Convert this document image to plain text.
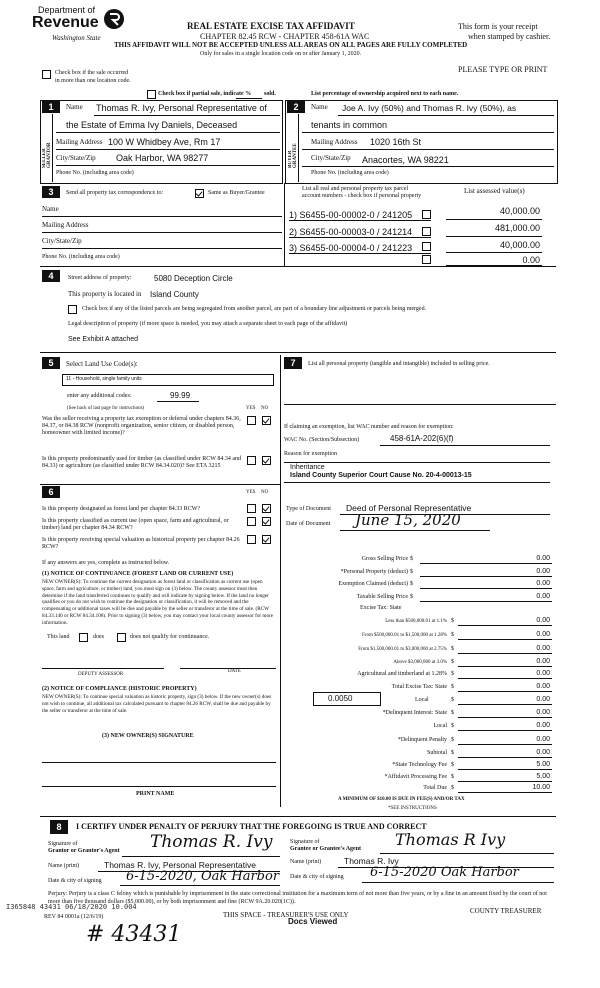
Department of
Revenue
Washington State
REAL ESTATE EXCISE TAX AFFIDAVIT
CHAPTER 82.45 RCW - CHAPTER 458-61A WAC
THIS AFFIDAVIT WILL NOT BE ACCEPTED UNLESS ALL AREAS ON ALL PAGES ARE FULLY COMPLETED
Only for sales in a single location code on or after January 1, 2020.
This form is your receipt
when stamped by cashier.
PLEASE TYPE OR PRINT
Check box if the sale occurred
in more than one location code.
Check box if partial sale, indicate % sold.	List percentage of ownership acquired next to each name.
1
SELLER GRANTOR
Name Thomas R. Ivy, Personal Representative of
the Estate of Emma Ivy Daniels, Deceased
Mailing Address 100 W Whidbey Ave, Rm 17
City/State/Zip Oak Harbor, WA 98277
Phone No. (including area code)
2
BUYER GRANTEE
Name Joe A. Ivy (50%) and Thomas R. Ivy (50%), as
tenants in common
Mailing Address 1020 16th St
City/State/Zip Anacortes, WA 98221
Phone No. (including area code)
3	Send all property tax correspondence to:	Same as Buyer/Grantee
Name
Mailing Address
City/State/Zip
Phone No. (including area code)
List all real and personal property tax parcel
account numbers - check box if personal property
List assessed value(s)
1) S6455-00-00002-0 / 241205	40,000.00
2) S6455-00-00003-0 / 241214	481,000.00
3) S6455-00-00004-0 / 241223	40,000.00
0.00
4	Street address of property:	5080 Deception Circle
This property is located in Island County
Check box if any of the listed parcels are being segregated from another parcel, are part of a boundary line adjustment or parcels being merged.
Legal description of property (if more space is needed, you may attach a separate sheet to each page of the affidavit)
See Exhibit A attached
5	Select Land Use Code(s):
11 - Household, single family units
enter any additional codes:	99.99
(See back of last page for instructions)	YES NO
Was the seller receiving a property tax exemption or deferral under chapters 84.36, 84.37, or 84.38 RCW (nonprofit organization, senior citizen, or disabled person, homeowner with limited income)?
Is this property predominantly used for timber (as classified under RCW 84.34 and 84.33) or agriculture (as classified under RCW 84.34.020)? See ETA 3215
6	YES NO
Is this property designated as forest land per chapter 84.33 RCW?
Is this property classified as current use (open space, farm and agricultural, or timber) land per chapter 84.34 RCW?
Is this property receiving special valuation as historical property per chapter 84.26 RCW?
If any answers are yes, complete as instructed below.
(1) NOTICE OF CONTINUANCE (FOREST LAND OR CURRENT USE)
NEW OWNER(S): To continue the current designation as forest land or classification as current use (open space, farm and agriculture, or timber) land, you must sign on (3) below. The county assessor must then determine if the land transferred continues to qualify and will indicate by signing below. If the land no longer qualifies or you do not wish to continue the designation or classification, it will be removed and the compensating or additional taxes will be due and payable by the seller or transferor at the time of sale. (RCW 84.33.140 or RCW 84.34.108). Prior to signing (3) below, you may contact your local county assessor for more information.
This land	does	does not qualify for continuance.
DEPUTY ASSESSOR
DATE
(2) NOTICE OF COMPLIANCE (HISTORIC PROPERTY)
NEW OWNER(S): To continue special valuation as historic property, sign (3) below. If the new owner(s) does not wish to continue, all additional tax calculated pursuant to chapter 84.26 RCW, shall be due and payable by the seller or transferor at the time of sale.
(3) NEW OWNER(S) SIGNATURE
PRINT NAME
7	List all personal property (tangible and intangible) included in selling price.
If claiming an exemption, list WAC number and reason for exemption:
WAC No. (Section/Subsection)	458-61A-202(6)(f)
Reason for exemption
Inheritance
Island County Superior Court Cause No. 20-4-00013-15
Type of Document Deed of Personal Representative
Date of Document June 15, 2020
Gross Selling Price $	0.00
*Personal Property (deduct) $	0.00
Exemption Claimed (deduct) $	0.00
Taxable Selling Price $	0.00
Excise Tax: State
Less than $500,000.01 at 1.1% $	0.00
From $500,000.01 to $1,500,000 at 1.28% $	0.00
From $1,500,000.01 to $3,000,000 at 2.75% $	0.00
Above $3,000,000 at 3.0% $	0.00
Agricultural and timberland at 1.28% $	0.00
Total Excise Tax: State $	0.00
0.0050	Local	$	0.00
*Delinquent Interest: State $	0.00
Local $	0.00
*Delinquent Penalty $	0.00
Subtotal $	0.00
*State Technology Fee $	5.00
*Affidavit Processing Fee $	5.00
Total Due $	10.00
A MINIMUM OF $10.00 IS DUE IN FEE(S) AND/OR TAX
*SEE INSTRUCTIONS
8	I CERTIFY UNDER PENALTY OF PERJURY THAT THE FOREGOING IS TRUE AND CORRECT
Signature of
Grantor or Grantor's Agent Thomas R. Ivy
Name (print)	Thomas R. Ivy, Personal Representative
Date & city of signing 6-15-2020, Oak Harbor
Signature of
Grantee or Grantee's Agent Thomas R Ivy
Name (print)	Thomas R. Ivy
Date & city of signing 6-15-2020 Oak Harbor
Perjury: Perjury is a class C felony which is punishable by imprisonment in the state correctional institution for a maximum term of not more than five years, or by a fine in an amount fixed by the court of not more than five thousand dollars ($5,000.00), or by both imprisonment and fine (RCW 9A.20.020(1C)).
I365848 43431 06/18/2020 10.004
REV 84 0001a (12/6/19)	THIS SPACE - TREASURER'S USE ONLY	COUNTY TREASURER
Docs Viewed
# 43431
